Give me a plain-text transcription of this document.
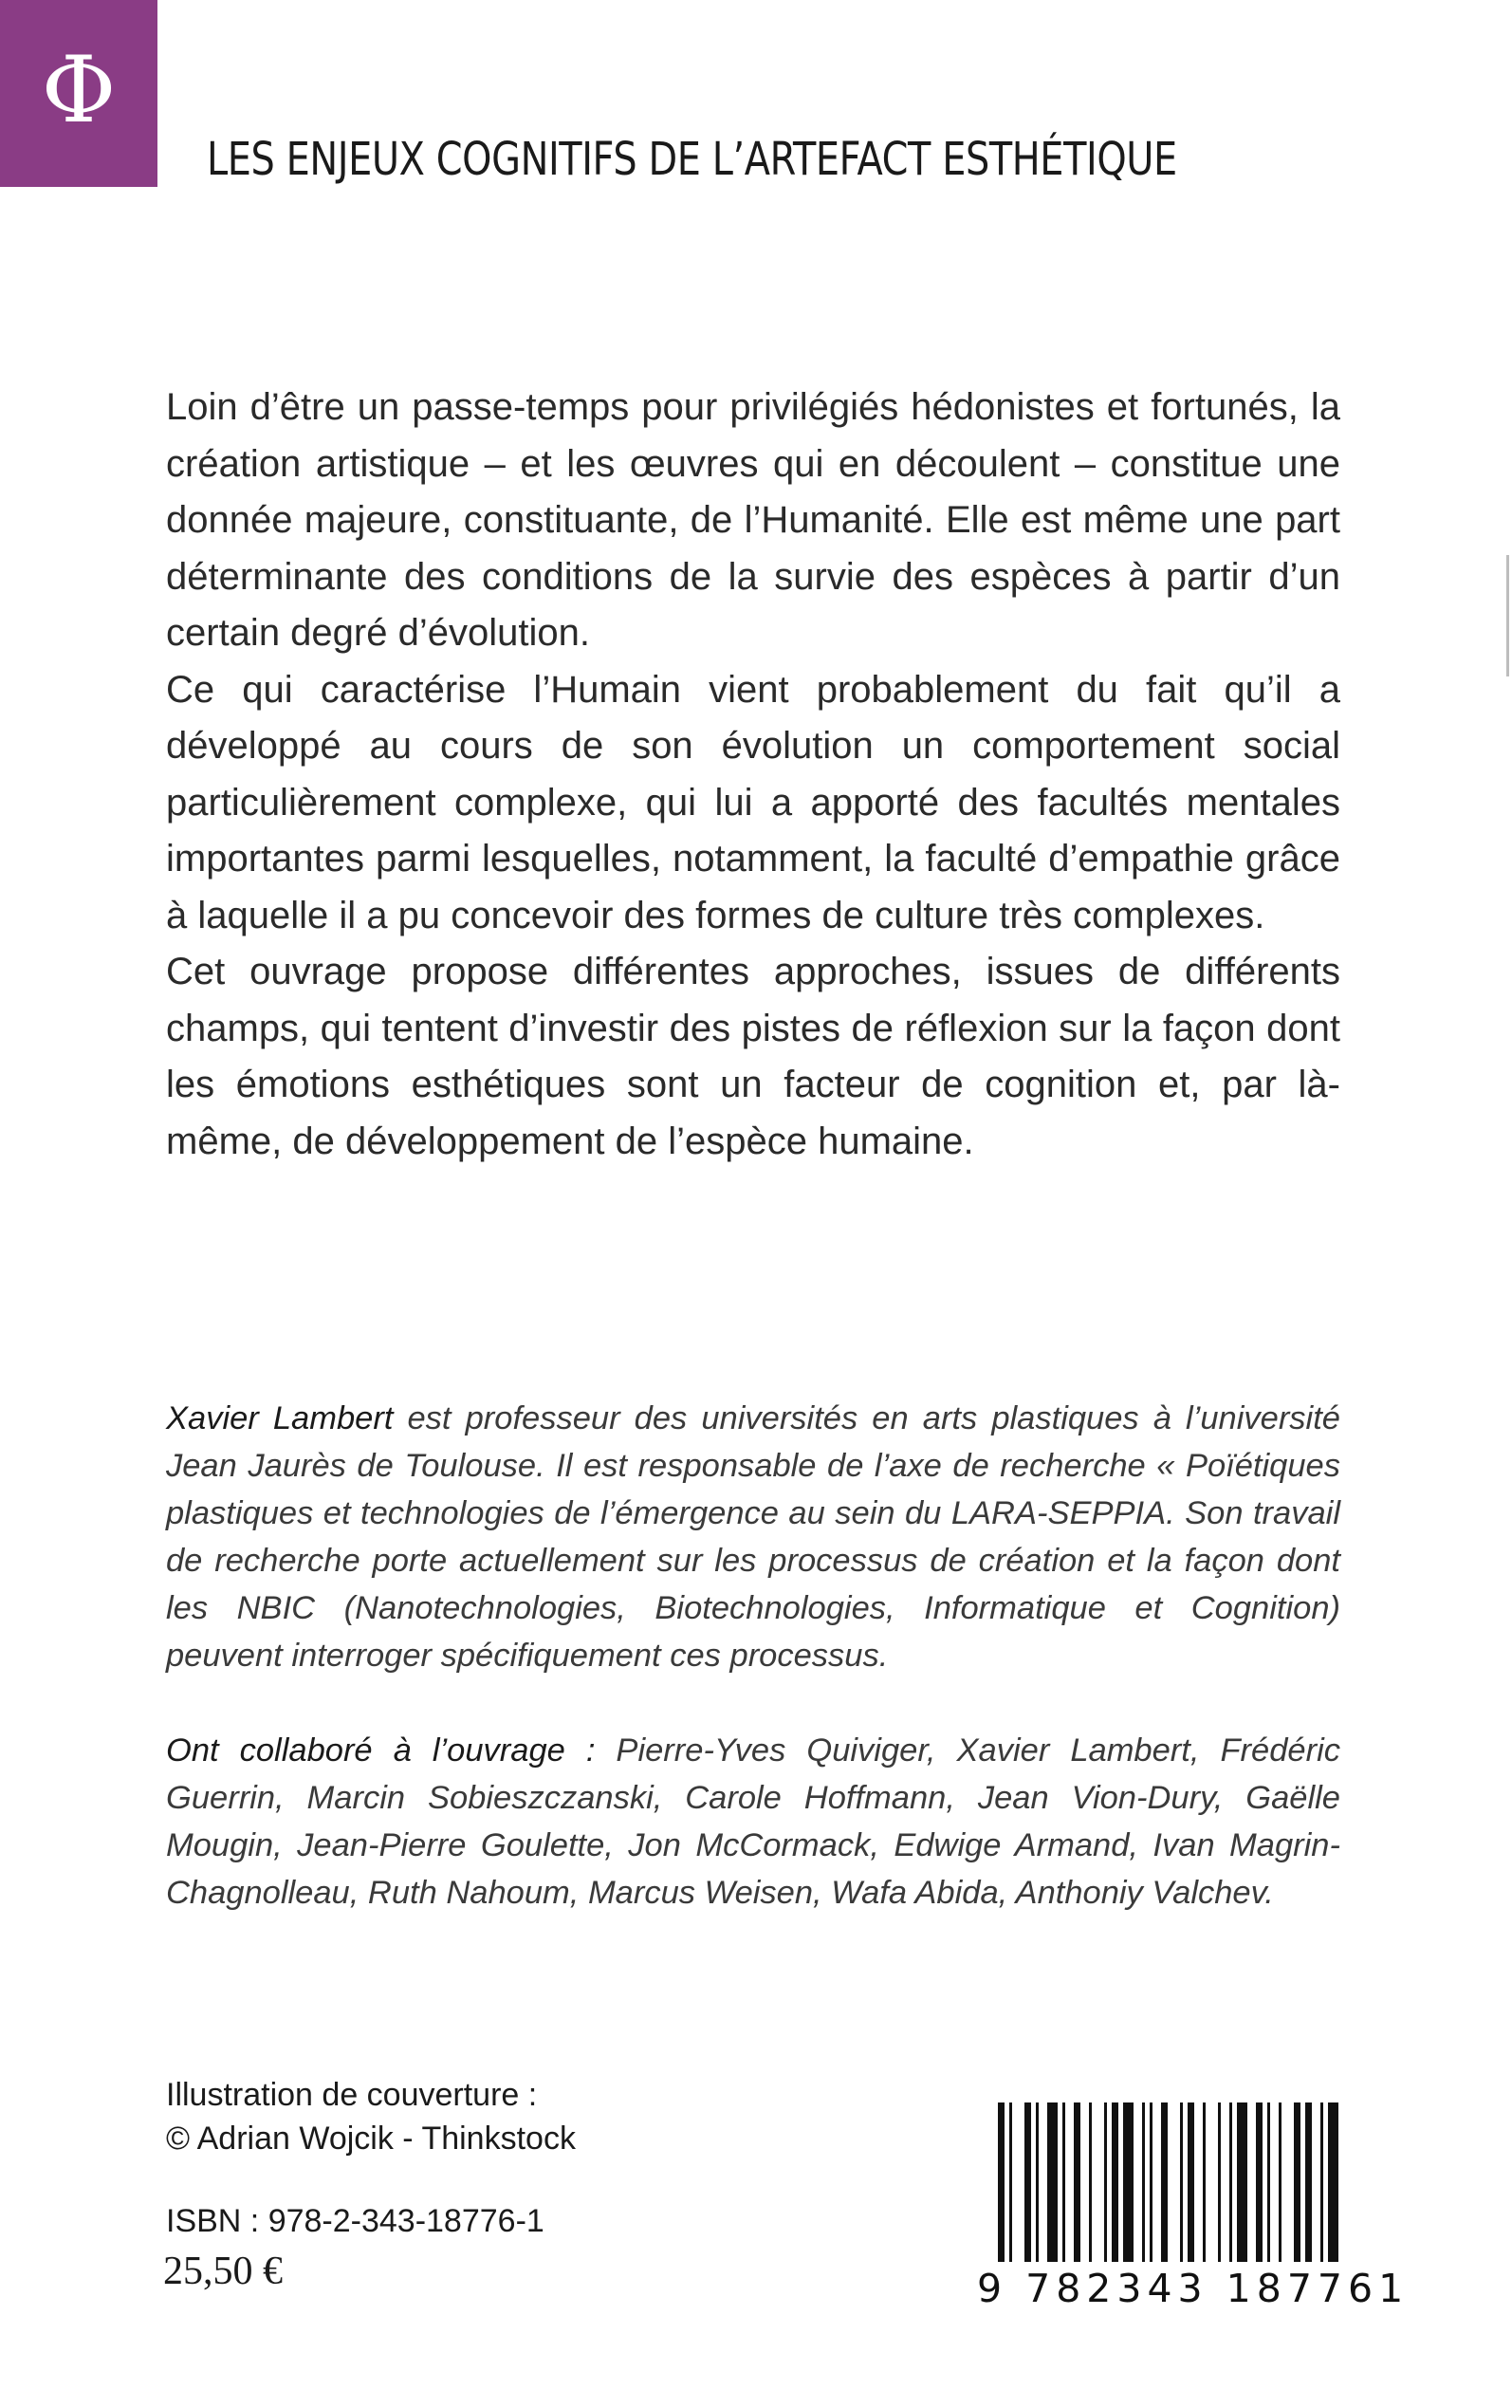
Φ
LES ENJEUX COGNITIFS DE L’ARTEFACT ESTHÉTIQUE

Loin d’être un passe-temps pour privilégiés hédonistes et fortunés, la création artistique – et les œuvres qui en découlent – constitue une donnée majeure, constituante, de l’Humanité. Elle est même une part déterminante des conditions de la survie des espèces à partir d’un certain degré d’évolution.

Ce qui caractérise l’Humain vient probablement du fait qu’il a développé au cours de son évolution un comportement social particulièrement complexe, qui lui a apporté des facultés mentales importantes parmi lesquelles, notamment, la faculté d’empathie grâce à laquelle il a pu concevoir des formes de culture très complexes.

Cet ouvrage propose différentes approches, issues de différents champs, qui tentent d’investir des pistes de réflexion sur la façon dont les émotions esthétiques sont un facteur de cognition et, par là-même, de développement de l’espèce humaine.

Xavier Lambert est professeur des universités en arts plastiques à l’université Jean Jaurès de Toulouse. Il est responsable de l’axe de recherche « Poïétiques plastiques et technologies de l’émergence au sein du LARA-SEPPIA. Son travail de recherche porte actuellement sur les processus de création et la façon dont les NBIC (Nanotechnologies, Biotechnologies, Informatique et Cognition) peuvent interroger spécifiquement ces processus.

Ont collaboré à l’ouvrage : Pierre-Yves Quiviger, Xavier Lambert, Frédéric Guerrin, Marcin Sobieszczanski, Carole Hoffmann, Jean Vion-Dury, Gaëlle Mougin, Jean-Pierre Goulette, Jon McCormack, Edwige Armand, Ivan Magrin-Chagnolleau, Ruth Nahoum, Marcus Weisen, Wafa Abida, Anthoniy Valchev.

Illustration de couverture :
© Adrian Wojcik - Thinkstock
ISBN : 978-2-343-18776-1
25,50 €	9 782343 187761
